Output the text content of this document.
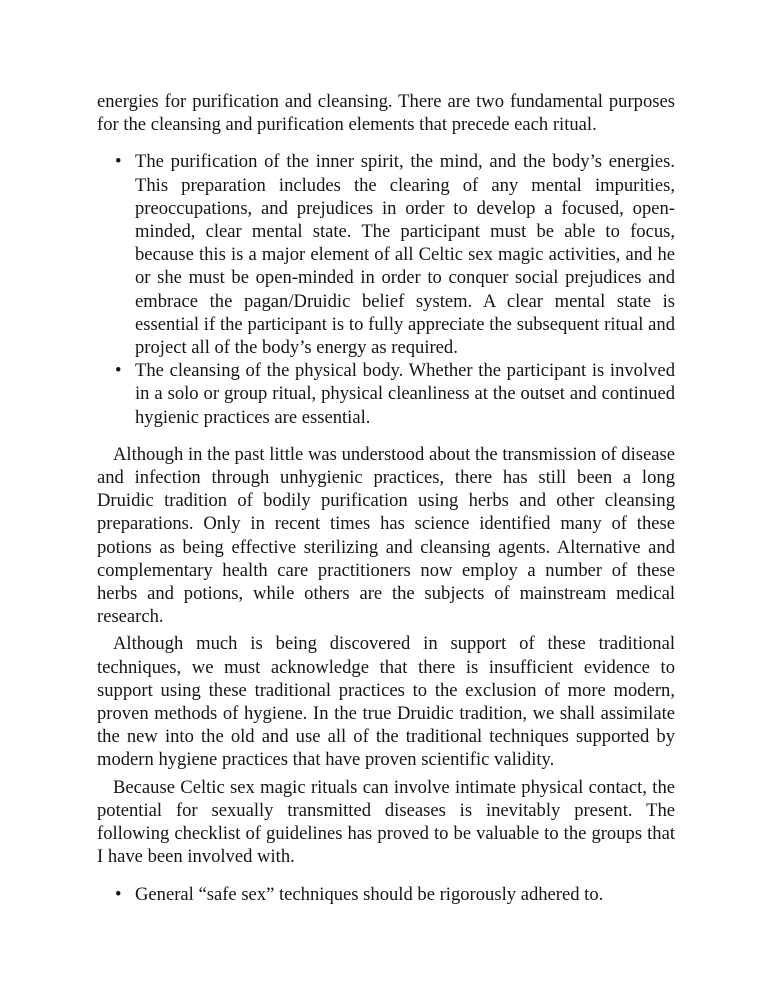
energies for purification and cleansing. There are two fundamental purposes for the cleansing and purification elements that precede each ritual.

• The purification of the inner spirit, the mind, and the body’s energies. This preparation includes the clearing of any mental impurities, preoccupations, and prejudices in order to develop a focused, open-minded, clear mental state. The participant must be able to focus, because this is a major element of all Celtic sex magic activities, and he or she must be open-minded in order to conquer social prejudices and embrace the pagan/Druidic belief system. A clear mental state is essential if the participant is to fully appreciate the subsequent ritual and project all of the body’s energy as required.
• The cleansing of the physical body. Whether the participant is involved in a solo or group ritual, physical cleanliness at the outset and continued hygienic practices are essential.

Although in the past little was understood about the transmission of disease and infection through unhygienic practices, there has still been a long Druidic tradition of bodily purification using herbs and other cleansing preparations. Only in recent times has science identified many of these potions as being effective sterilizing and cleansing agents. Alternative and complementary health care practitioners now employ a number of these herbs and potions, while others are the subjects of mainstream medical research.

Although much is being discovered in support of these traditional techniques, we must acknowledge that there is insufficient evidence to support using these traditional practices to the exclusion of more modern, proven methods of hygiene. In the true Druidic tradition, we shall assimilate the new into the old and use all of the traditional techniques supported by modern hygiene practices that have proven scientific validity.

Because Celtic sex magic rituals can involve intimate physical contact, the potential for sexually transmitted diseases is inevitably present. The following checklist of guidelines has proved to be valuable to the groups that I have been involved with.

• General “safe sex” techniques should be rigorously adhered to.
